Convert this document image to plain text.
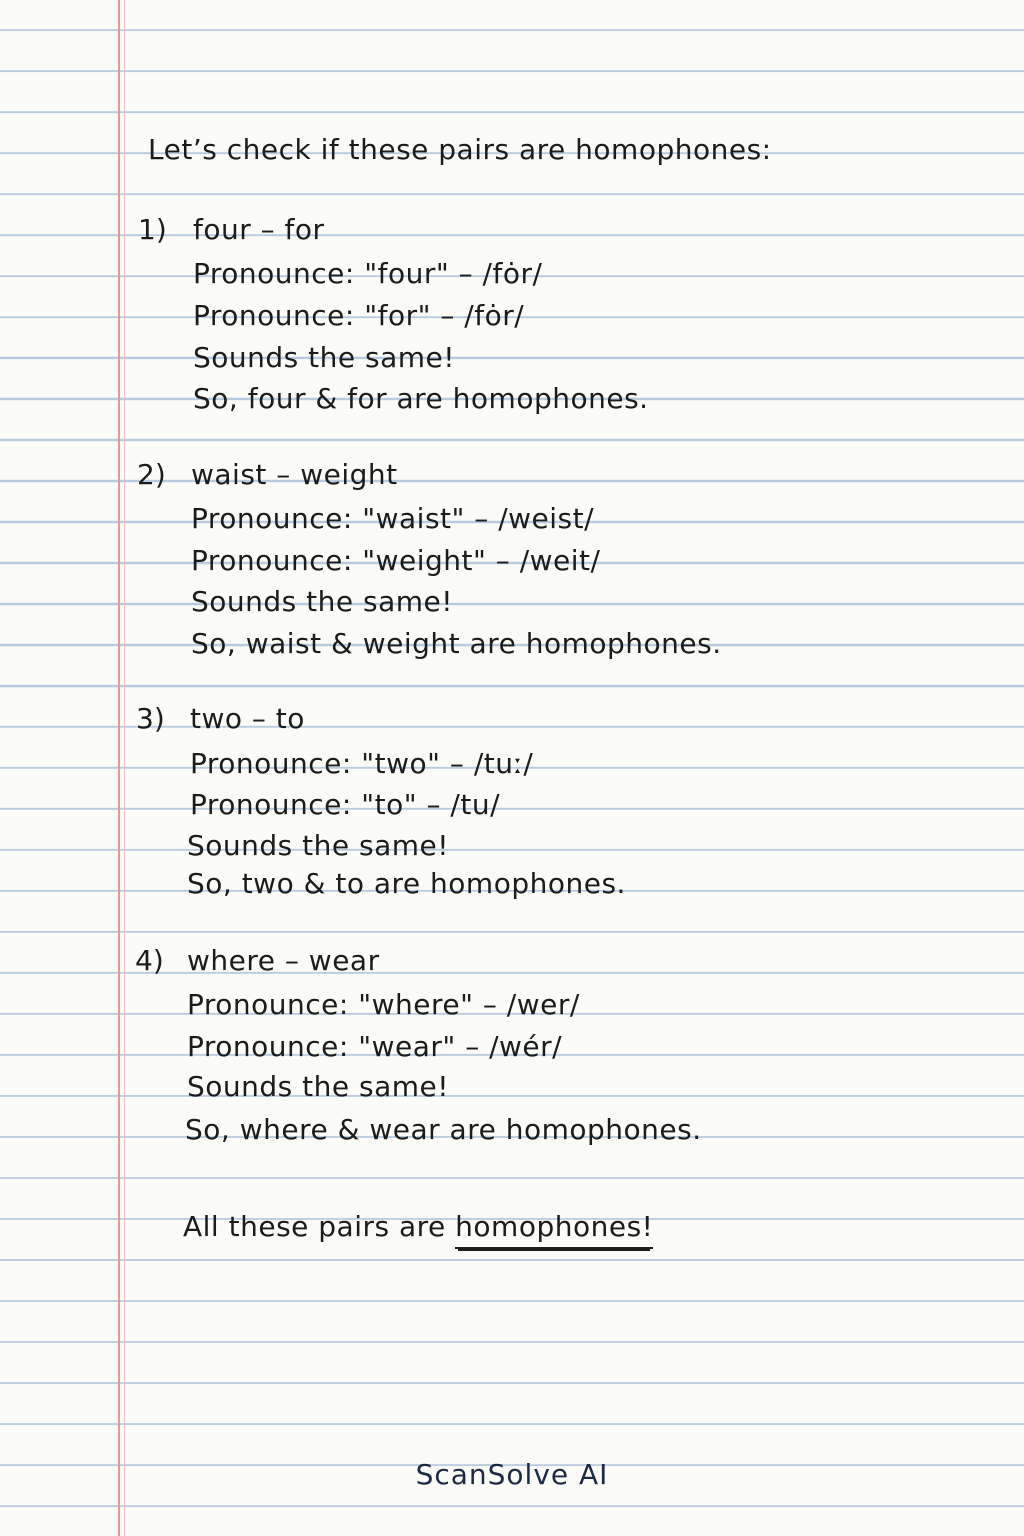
Let’s check if these pairs are homophones:
1) four – for
Pronounce: "four" – /fȯr/
Pronounce: "for" – /fȯr/
Sounds the same!
So, four & for are homophones.
2) waist – weight
Pronounce: "waist" – /weist/
Pronounce: "weight" – /weit/
Sounds the same!
So, waist & weight are homophones.
3) two – to
Pronounce: "two" – /tuː/
Pronounce: "to" – /tu/
Sounds the same!
So, two & to are homophones.
4) where – wear
Pronounce: "where" – /wer/
Pronounce: "wear" – /wér/
Sounds the same!
So, where & wear are homophones.
All these pairs are homophones!
ScanSolve AI
